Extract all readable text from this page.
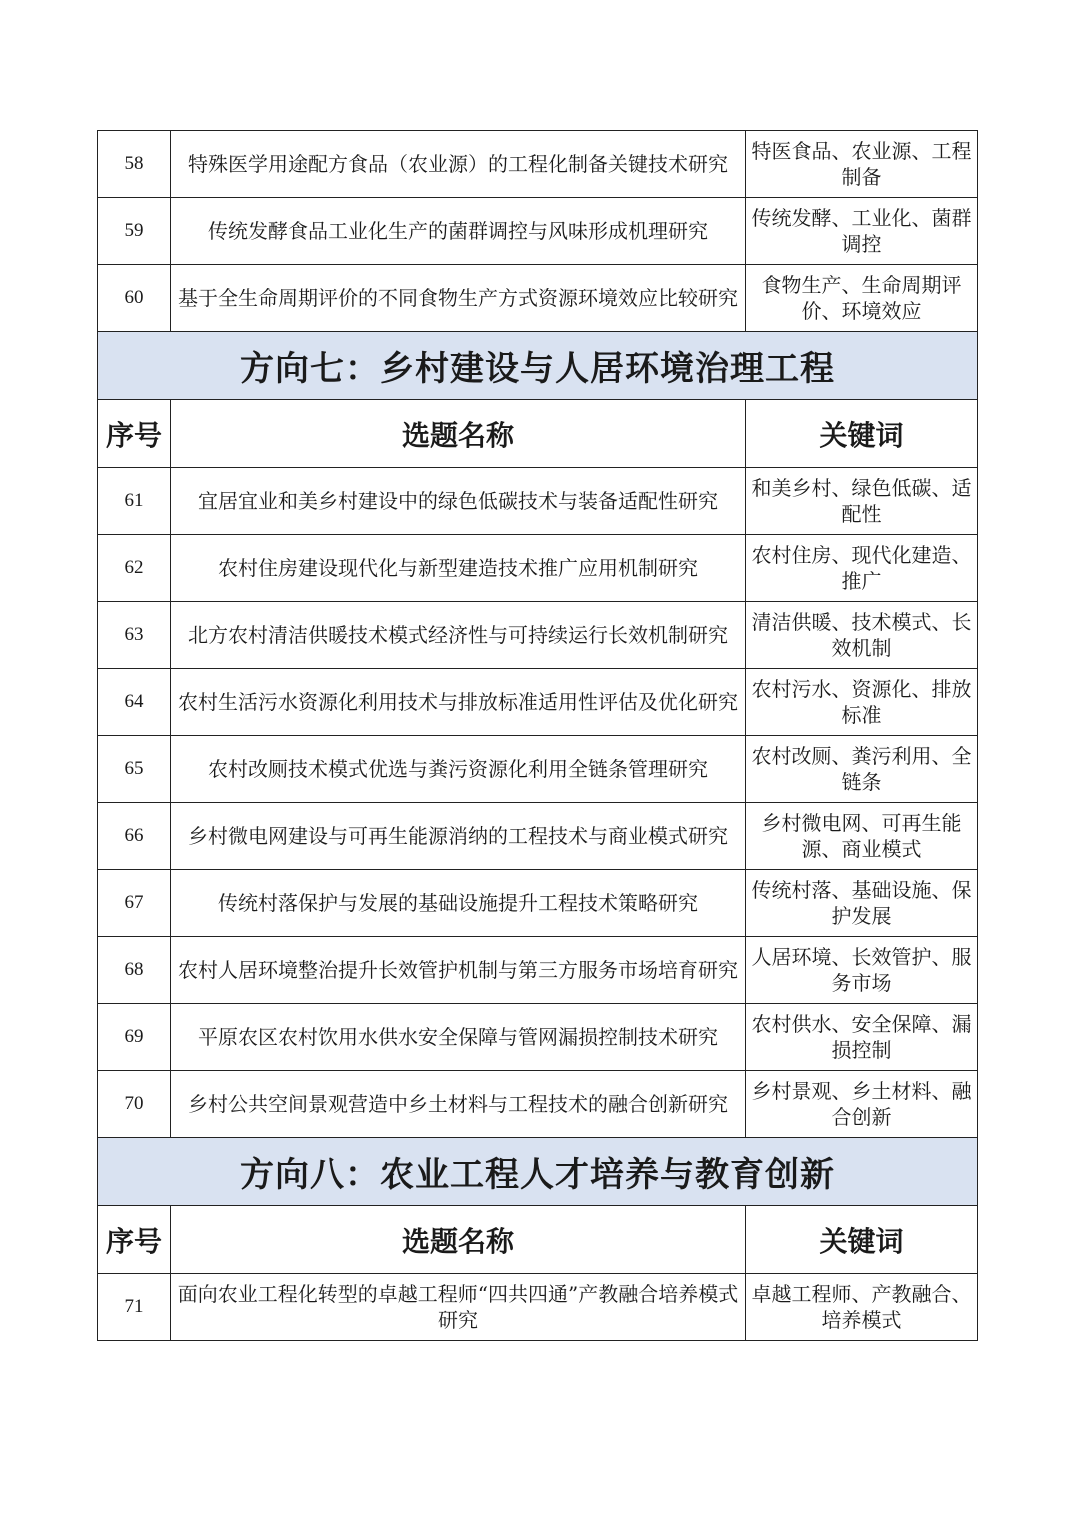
58	特殊医学用途配方食品（农业源）的工程化制备关键技术研究	特医食品、农业源、工程制备
59	传统发酵食品工业化生产的菌群调控与风味形成机理研究	传统发酵、工业化、菌群调控
60	基于全生命周期评价的不同食物生产方式资源环境效应比较研究	食物生产、生命周期评价、环境效应
方向七：乡村建设与人居环境治理工程		
序号	选题名称	关键词
61	宜居宜业和美乡村建设中的绿色低碳技术与装备适配性研究	和美乡村、绿色低碳、适配性
62	农村住房建设现代化与新型建造技术推广应用机制研究	农村住房、现代化建造、推广
63	北方农村清洁供暖技术模式经济性与可持续运行长效机制研究	清洁供暖、技术模式、长效机制
64	农村生活污水资源化利用技术与排放标准适用性评估及优化研究	农村污水、资源化、排放标准
65	农村改厕技术模式优选与粪污资源化利用全链条管理研究	农村改厕、粪污利用、全链条
66	乡村微电网建设与可再生能源消纳的工程技术与商业模式研究	乡村微电网、可再生能源、商业模式
67	传统村落保护与发展的基础设施提升工程技术策略研究	传统村落、基础设施、保护发展
68	农村人居环境整治提升长效管护机制与第三方服务市场培育研究	人居环境、长效管护、服务市场
69	平原农区农村饮用水供水安全保障与管网漏损控制技术研究	农村供水、安全保障、漏损控制
70	乡村公共空间景观营造中乡土材料与工程技术的融合创新研究	乡村景观、乡土材料、融合创新
方向八：农业工程人才培养与教育创新		
序号	选题名称	关键词
71	面向农业工程化转型的卓越工程师“四共四通”产教融合培养模式研究	卓越工程师、产教融合、培养模式
